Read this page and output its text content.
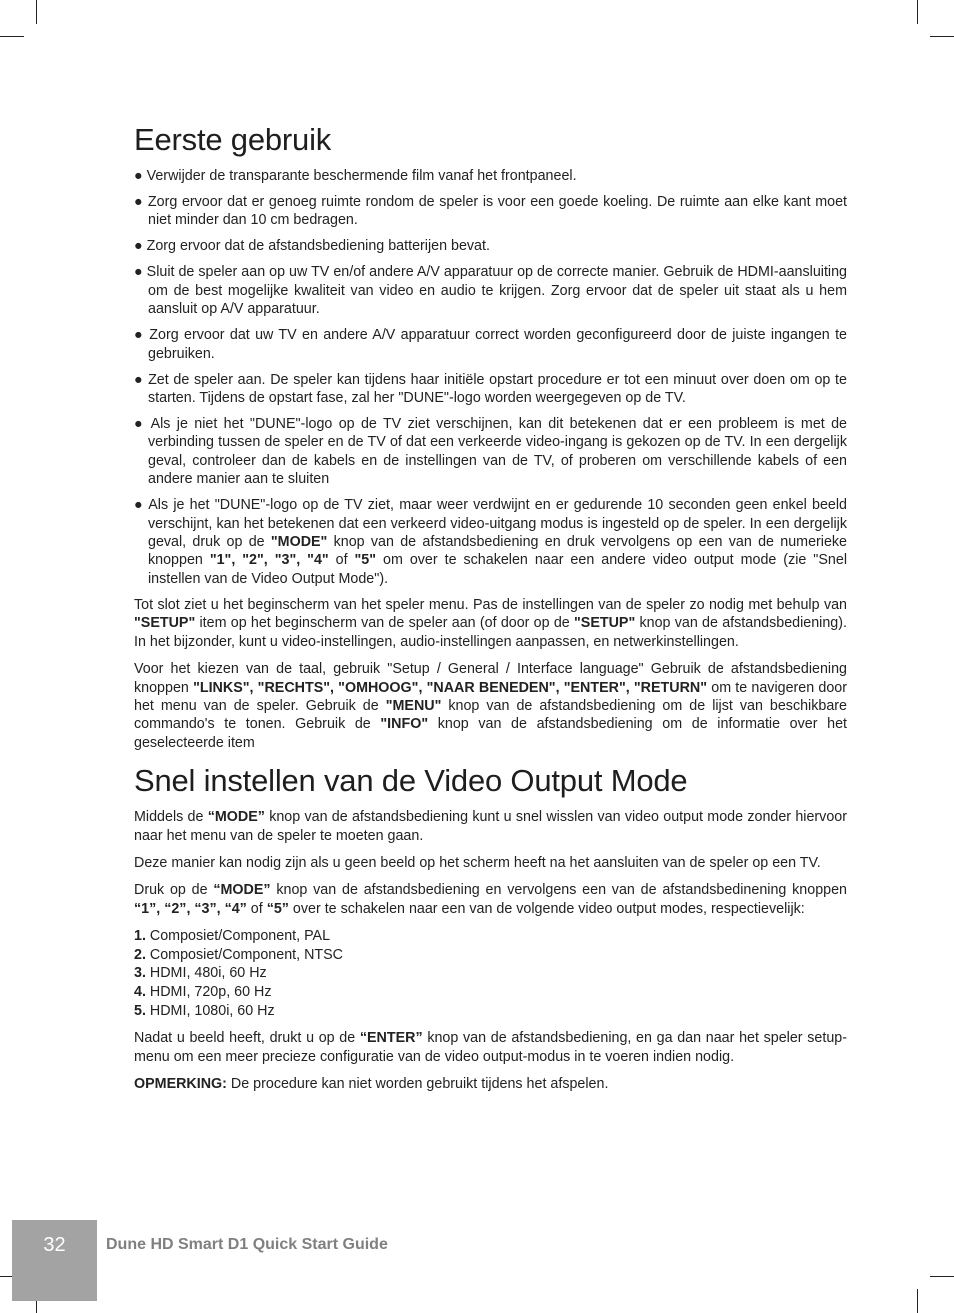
Eerste gebruik

● Verwijder de transparante beschermende film vanaf het frontpaneel.

● Zorg ervoor dat er genoeg ruimte rondom de speler is voor een goede koeling. De ruimte aan elke kant moet niet minder dan 10 cm bedragen.

● Zorg ervoor dat de afstandsbediening batterijen bevat.

● Sluit de speler aan op uw TV en/of andere A/V apparatuur op de correcte manier. Gebruik de HDMI-aansluiting om de best mogelijke kwaliteit van video en audio te krijgen. Zorg ervoor dat de speler uit staat als u hem aansluit op A/V apparatuur.

● Zorg ervoor dat uw TV en andere A/V apparatuur correct worden geconfigureerd door de juiste ingangen te gebruiken.

● Zet de speler aan. De speler kan tijdens haar initiële opstart procedure er tot een minuut over doen om op te starten. Tijdens de opstart fase, zal her "DUNE"-logo worden weergegeven op de TV.

● Als je niet het "DUNE"-logo op de TV ziet verschijnen, kan dit betekenen dat er een probleem is met de verbinding tussen de speler en de TV of dat een verkeerde video-ingang is gekozen op de TV. In een dergelijk geval, controleer dan de kabels en de instellingen van de TV, of proberen om verschillende kabels of een andere manier aan te sluiten

● Als je het "DUNE"-logo op de TV ziet, maar weer verdwijnt en er gedurende 10 seconden geen enkel beeld verschijnt, kan het betekenen dat een verkeerd video-uitgang modus is ingesteld op de speler. In een dergelijk geval, druk op de "MODE" knop van de afstandsbediening en druk vervolgens op een van de numerieke knoppen "1", "2", "3", "4" of "5" om over te schakelen naar een andere video output mode (zie "Snel instellen van de Video Output Mode").

Tot slot ziet u het beginscherm van het speler menu. Pas de instellingen van de speler zo nodig met behulp van "SETUP" item op het beginscherm van de speler aan (of door op de "SETUP" knop van de afstandsbediening). In het bijzonder, kunt u video-instellingen, audio-instellingen aanpassen, en netwerkinstellingen.

Voor het kiezen van de taal, gebruik "Setup / General / Interface language" Gebruik de afstandsbediening knoppen "LINKS", "RECHTS", "OMHOOG", "NAAR BENEDEN", "ENTER", "RETURN" om te navigeren door het menu van de speler. Gebruik de "MENU" knop van de afstandsbediening om de lijst van beschikbare commando's te tonen. Gebruik de "INFO" knop van de afstandsbediening om de informatie over het geselecteerde item

Snel instellen van de Video Output Mode

Middels de “MODE” knop van de afstandsbediening kunt u snel wisslen van video output mode zonder hiervoor naar het menu van de speler te moeten gaan.

Deze manier kan nodig zijn als u geen beeld op het scherm heeft na het aansluiten van de speler op een TV.

Druk op de “MODE” knop van de afstandsbediening en vervolgens een van de afstandsbedinening knoppen “1”, “2”, “3”, “4” of “5” over te schakelen naar een van de volgende video output modes, respectievelijk:

1. Composiet/Component, PAL
2. Composiet/Component, NTSC
3. HDMI, 480i, 60 Hz
4. HDMI, 720p, 60 Hz
5. HDMI, 1080i, 60 Hz

Nadat u beeld heeft, drukt u op de “ENTER” knop van de afstandsbediening, en ga dan naar het speler setup-menu om een meer precieze configuratie van de video output-modus in te voeren indien nodig.

OPMERKING: De procedure kan niet worden gebruikt tijdens het afspelen.

32	Dune HD Smart D1 Quick Start Guide
